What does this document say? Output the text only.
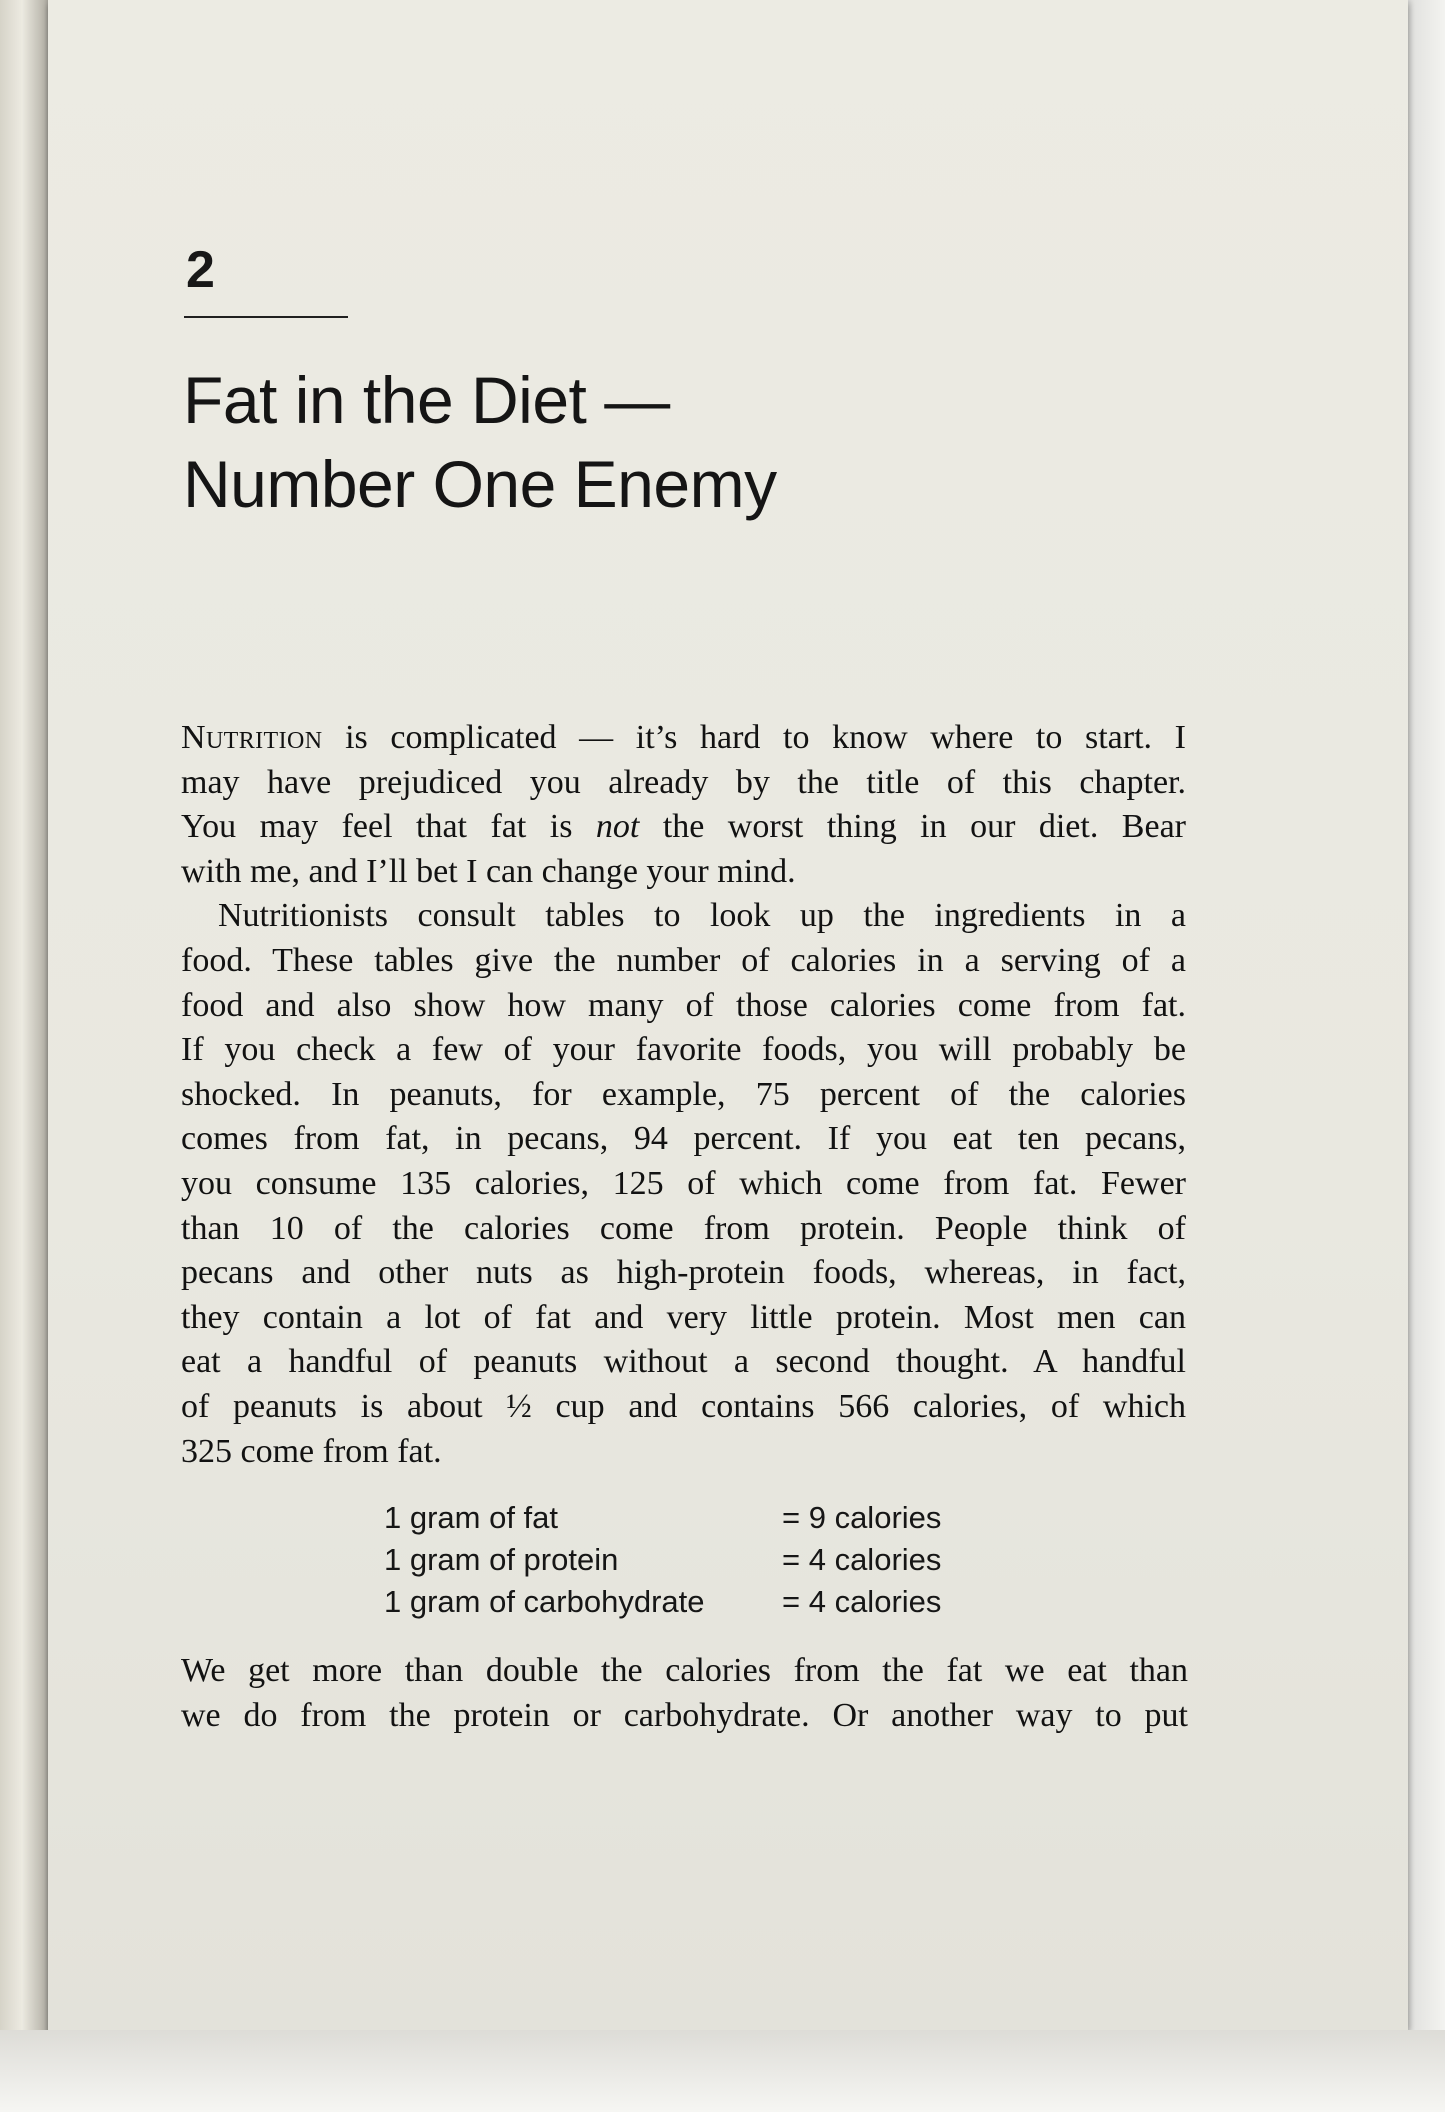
2
Fat in the Diet —
Number One Enemy
Nutrition is complicated — it’s hard to know where to start. I
may have prejudiced you already by the title of this chapter.
You may feel that fat is not the worst thing in our diet. Bear
with me, and I’ll bet I can change your mind.
Nutritionists consult tables to look up the ingredients in a
food. These tables give the number of calories in a serving of a
food and also show how many of those calories come from fat.
If you check a few of your favorite foods, you will probably be
shocked. In peanuts, for example, 75 percent of the calories
comes from fat, in pecans, 94 percent. If you eat ten pecans,
you consume 135 calories, 125 of which come from fat. Fewer
than 10 of the calories come from protein. People think of
pecans and other nuts as high-protein foods, whereas, in fact,
they contain a lot of fat and very little protein. Most men can
eat a handful of peanuts without a second thought. A handful
of peanuts is about ½ cup and contains 566 calories, of which
325 come from fat.
1 gram of fat	= 9 calories
1 gram of protein	= 4 calories
1 gram of carbohydrate = 4 calories
We get more than double the calories from the fat we eat than
we do from the protein or carbohydrate. Or another way to put
